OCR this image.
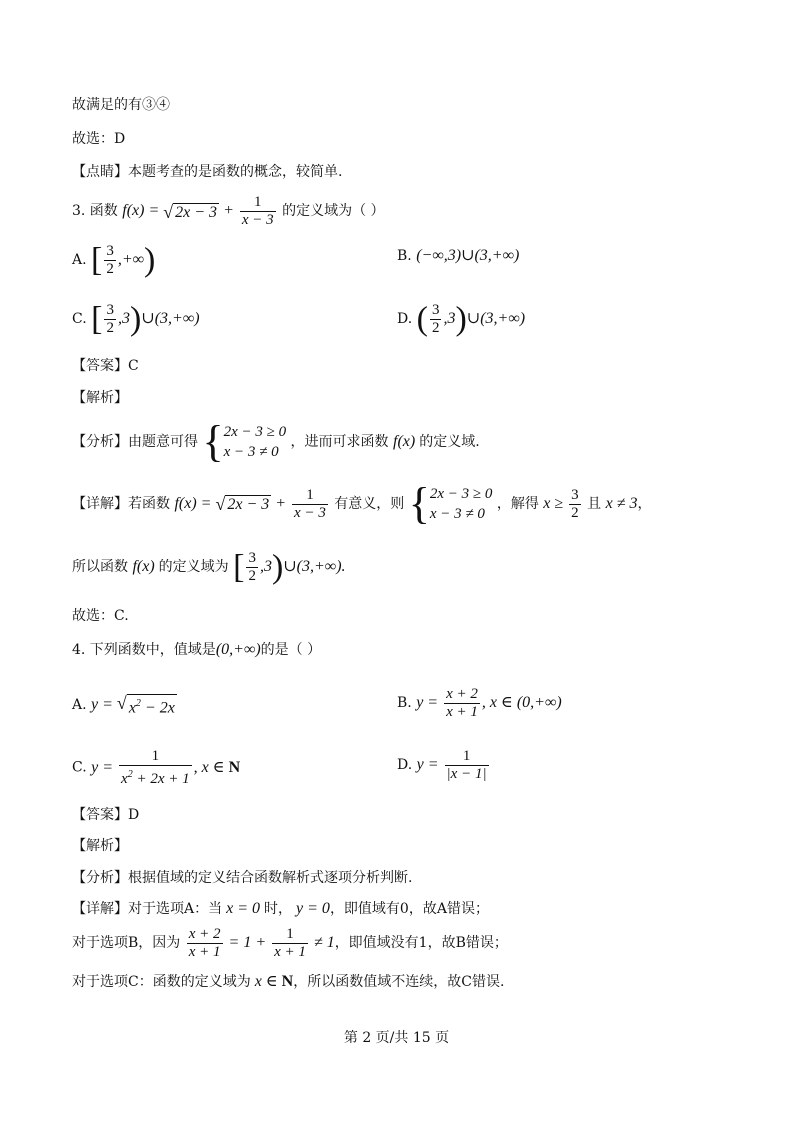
故满足的有③④
故选：D
【点睛】本题考查的是函数的概念，较简单.
3. 函数 f(x) = √ $2x - 3 + \frac{1}{x - 3}$ 的定义域为（ ）
A. [ $\frac{3}{2}$ ,+∞)	B. (−∞,3)∪(3,+∞)
C. [ $\frac{3}{2}$ ,3)∪(3,+∞)	D. ( $\frac{3}{2}$ ,3)∪(3,+∞)
【答案】C
【解析】
【分析】由题意可得 { 2x − 3 ≥ 0
x − 3 ≠ 0
，进而可求函数 f(x) 的定义域.
【详解】若函数 f(x) = √ $2x - 3 + \frac{1}{x - 3}$ 有意义，则 { 2x − 3 ≥ 0
x − 3 ≠ 0
，解得 $x \ge \frac{3}{2}$ 且 x ≠ 3，
所以函数 f(x) 的定义域为 [ $\frac{3}{2}$ ,3)∪(3,+∞).
故选：C.
4. 下列函数中，值域是(0,+∞)的是（ ）
A. y = √ $x^2 - 2x$	B. $y = \frac{x + 2}{x + 1}$ , x ∈ (0,+∞)
C. $y = \frac{1}{x^2 + 2x + 1}$ , x ∈ N	D. $y = \frac{1}{|x - 1|}$
【答案】D
【解析】
【分析】根据值域的定义结合函数解析式逐项分析判断.
【详解】对于选项A：当 x = 0 时， y = 0，即值域有0，故A错误；
对于选项B，因为 $\frac{x + 2}{x + 1} = 1 + \frac{1}{x + 1} \ne 1$，即值域没有1，故B错误；
对于选项C：函数的定义域为 x ∈ N，所以函数值域不连续，故C错误.
第 2 页/共 15 页
